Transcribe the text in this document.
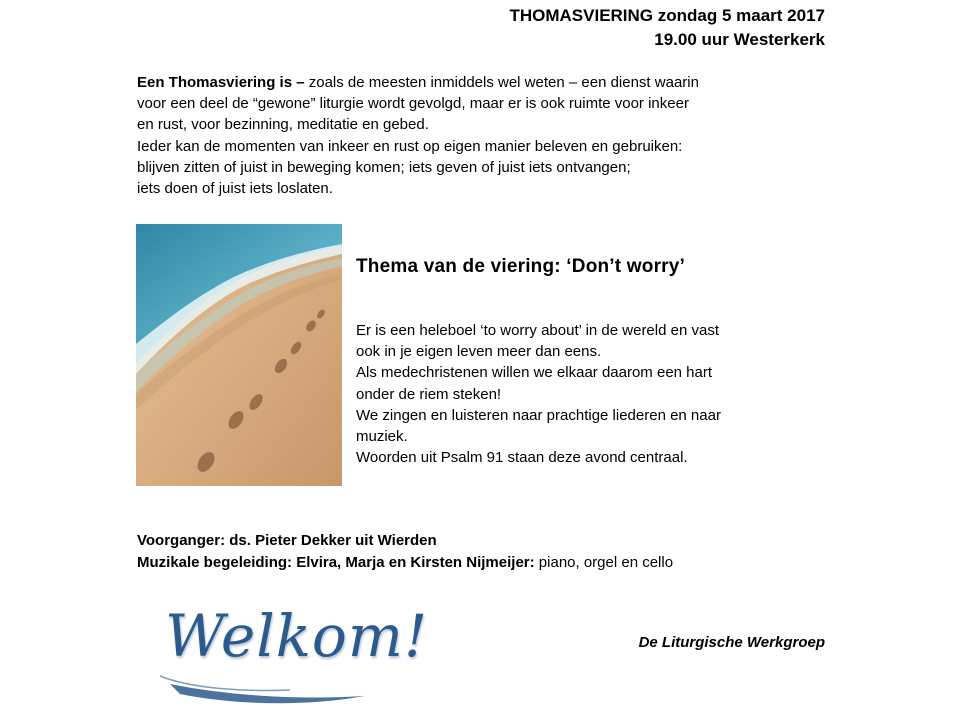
THOMASVIERING zondag 5 maart 2017
19.00 uur Westerkerk

Een Thomasviering is – zoals de meesten inmiddels wel weten – een dienst waarin

voor een deel de “gewone” liturgie wordt gevolgd, maar er is ook ruimte voor inkeer

en rust, voor bezinning, meditatie en gebed.

Ieder kan de momenten van inkeer en rust op eigen manier beleven en gebruiken:

blijven zitten of juist in beweging komen; iets geven of juist iets ontvangen;

iets doen of juist iets loslaten.

Thema van de viering: ‘Don’t worry’

Er is een heleboel ‘to worry about’ in de wereld en vast

ook in je eigen leven meer dan eens.

Als medechristenen willen we elkaar daarom een hart

onder de riem steken!

We zingen en luisteren naar prachtige liederen en naar

muziek.

Woorden uit Psalm 91 staan deze avond centraal.

Voorganger: ds. Pieter Dekker uit Wierden

Muzikale begeleiding: Elvira, Marja en Kirsten Nijmeijer: piano, orgel en cello

Welkom!	De Liturgische Werkgroep
